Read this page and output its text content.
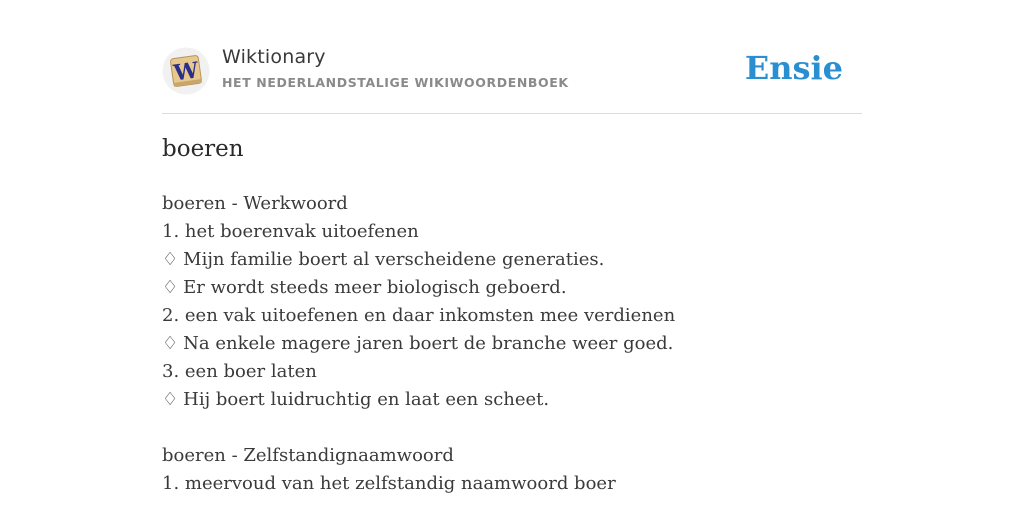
W
Wiktionary
HET NEDERLANDSTALIGE WIKIWOORDENBOEK	Ensie
boeren
boeren - Werkwoord
1. het boerenvak uitoefenen
♢ Mijn familie boert al verscheidene generaties.
♢ Er wordt steeds meer biologisch geboerd.
2. een vak uitoefenen en daar inkomsten mee verdienen
♢ Na enkele magere jaren boert de branche weer goed.
3. een boer laten
♢ Hij boert luidruchtig en laat een scheet.
boeren - Zelfstandignaamwoord
1. meervoud van het zelfstandig naamwoord boer
